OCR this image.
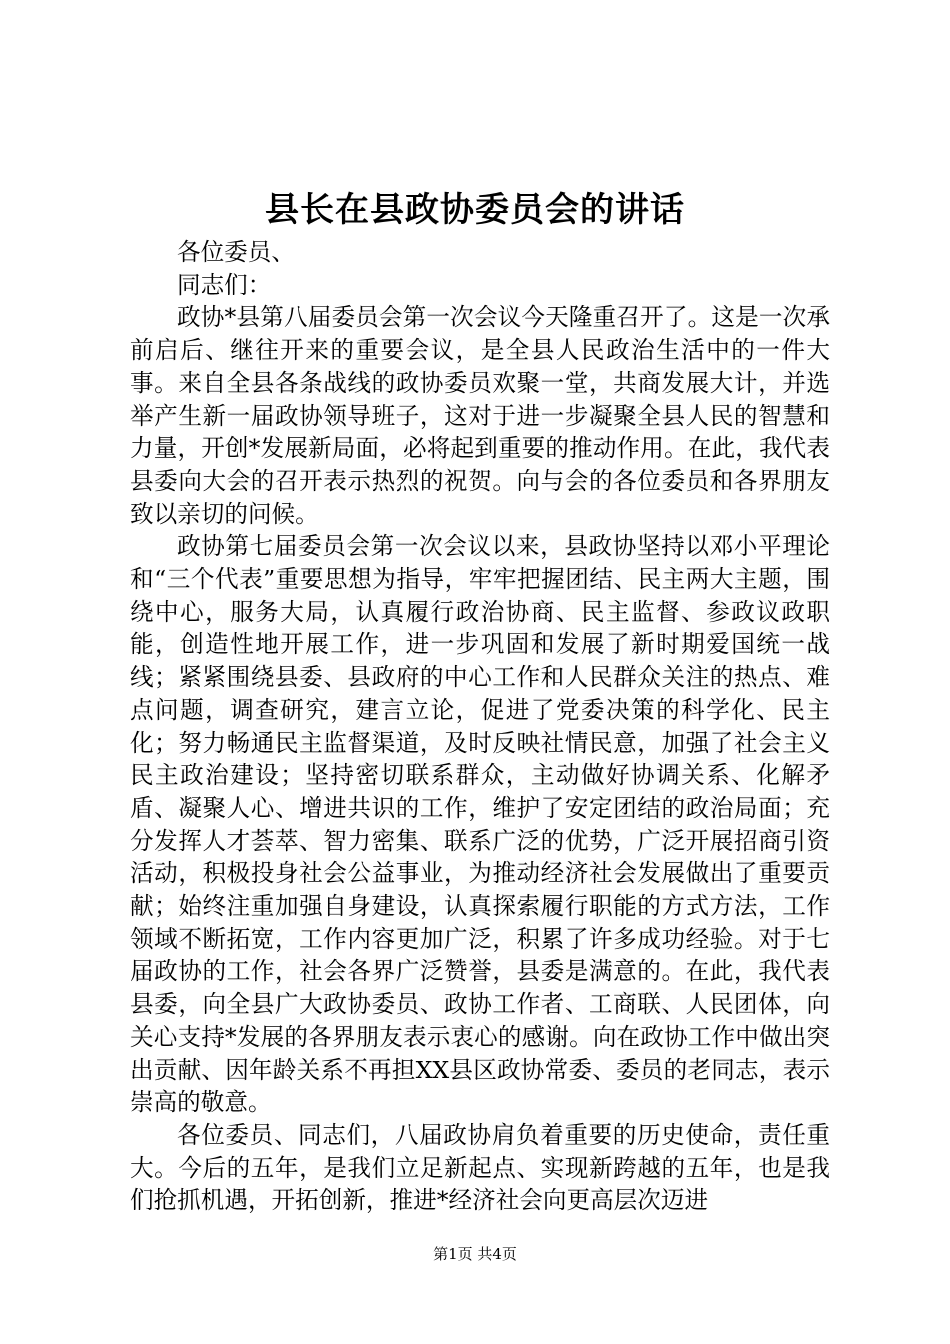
县长在县政协委员会的讲话

各位委员、

同志们：

政协*县第八届委员会第一次会议今天隆重召开了。这是一次承前启后、继往开来的重要会议，是全县人民政治生活中的一件大事。来自全县各条战线的政协委员欢聚一堂，共商发展大计，并选举产生新一届政协领导班子，这对于进一步凝聚全县人民的智慧和力量，开创*发展新局面，必将起到重要的推动作用。在此，我代表县委向大会的召开表示热烈的祝贺。向与会的各位委员和各界朋友致以亲切的问候。

政协第七届委员会第一次会议以来，县政协坚持以邓小平理论和“三个代表”重要思想为指导，牢牢把握团结、民主两大主题，围绕中心，服务大局，认真履行政治协商、民主监督、参政议政职能，创造性地开展工作，进一步巩固和发展了新时期爱国统一战线；紧紧围绕县委、县政府的中心工作和人民群众关注的热点、难点问题，调查研究，建言立论，促进了党委决策的科学化、民主化；努力畅通民主监督渠道，及时反映社情民意，加强了社会主义民主政治建设；坚持密切联系群众，主动做好协调关系、化解矛盾、凝聚人心、增进共识的工作，维护了安定团结的政治局面；充分发挥人才荟萃、智力密集、联系广泛的优势，广泛开展招商引资活动，积极投身社会公益事业，为推动经济社会发展做出了重要贡献；始终注重加强自身建设，认真探索履行职能的方式方法，工作领域不断拓宽，工作内容更加广泛，积累了许多成功经验。对于七届政协的工作，社会各界广泛赞誉，县委是满意的。在此，我代表县委，向全县广大政协委员、政协工作者、工商联、人民团体，向关心支持*发展的各界朋友表示衷心的感谢。向在政协工作中做出突出贡献、因年龄关系不再担XX县区政协常委、委员的老同志，表示崇高的敬意。

各位委员、同志们，八届政协肩负着重要的历史使命，责任重大。今后的五年，是我们立足新起点、实现新跨越的五年，也是我们抢抓机遇，开拓创新，推进*经济社会向更高层次迈进

第1页 共4页
